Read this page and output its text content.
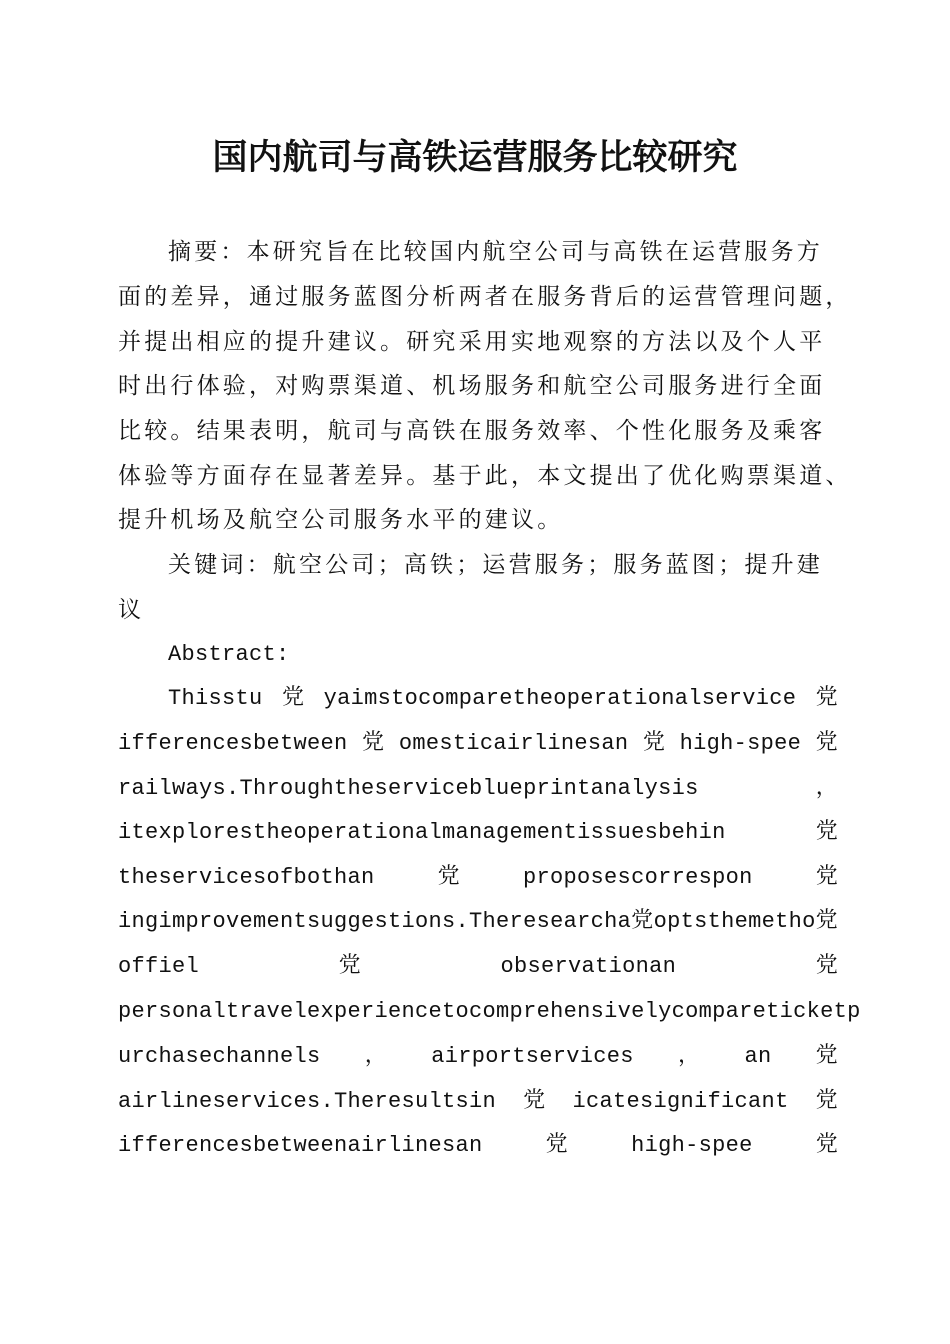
国内航司与高铁运营服务比较研究

摘要：本研究旨在比较国内航空公司与高铁在运营服务方

面的差异，通过服务蓝图分析两者在服务背后的运营管理问题，

并提出相应的提升建议。研究采用实地观察的方法以及个人平

时出行体验，对购票渠道、机场服务和航空公司服务进行全面

比较。结果表明，航司与高铁在服务效率、个性化服务及乘客

体验等方面存在显著差异。基于此，本文提出了优化购票渠道、

提升机场及航空公司服务水平的建议。

关键词：航空公司；高铁；运营服务；服务蓝图；提升建

议

Abstract:

Thisstu 党 yaimstocomparetheoperationalservice 党
ifferencesbetween 党 omesticairlinesan 党 high-spee 党
railways.Throughtheserviceblueprintanalysis	，
itexplorestheoperationalmanagementissuesbehin	党
theservicesofbothan	党	proposescorrespon	党
ingimprovementsuggestions.Theresearcha 党 optsthemetho 党
offiel	党	observationan	党
personaltravelexperiencetocomprehensivelycompareticketp
urchasechannels ， airportservices ， an 党
airlineservices.Theresultsin 党 icatesignificant 党
ifferencesbetweenairlinesan	党	high-spee	党
